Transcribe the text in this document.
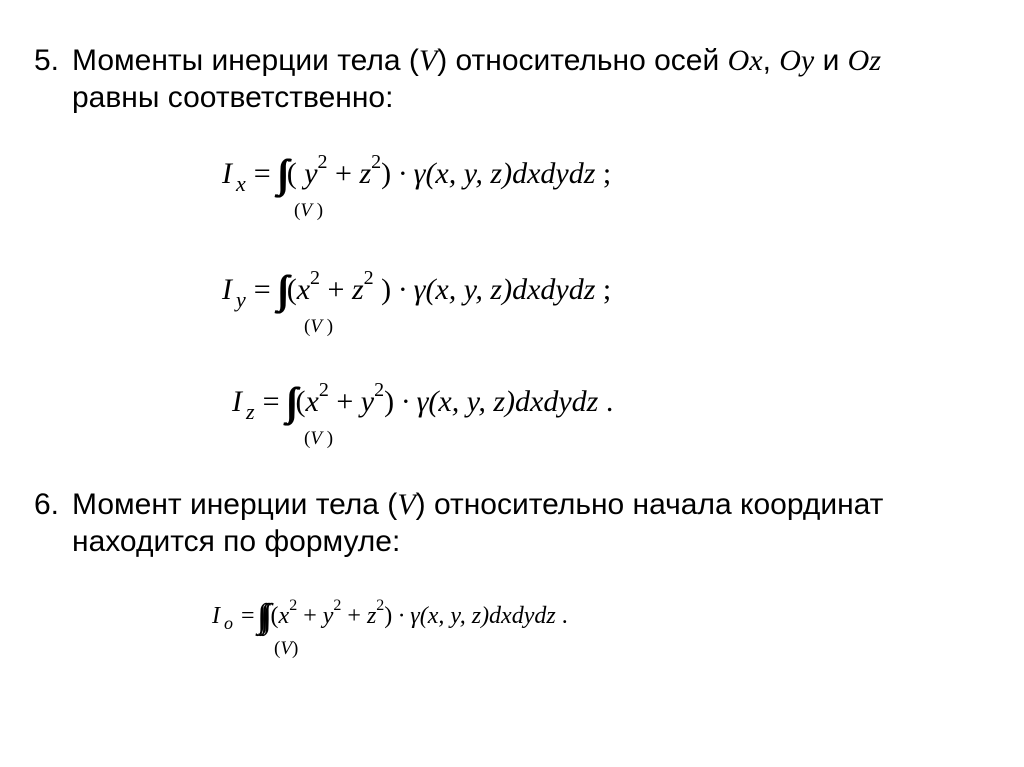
5. Моменты инерции тела (V) относительно осей Ox, Oy и Oz
равны соответственно:
I $_x$ = ( $y^2 + z^2) \cdot \gamma(x$, y, z)dxdydz ;
(V )
I $_y = (x^2 + z^2$ ) · γ(x, y, z)dxdydz ;
(V )
I $_z = (x^2 + y^2) \cdot \gamma(x$, y, z)dxdydz .
(V )
6. Момент инерции тела (V) относительно начала координат
находится по формуле:
I $_o = (x^2 + y^2 + z^2) \cdot \gamma(x$, y, z)dxdydz .
(V)
